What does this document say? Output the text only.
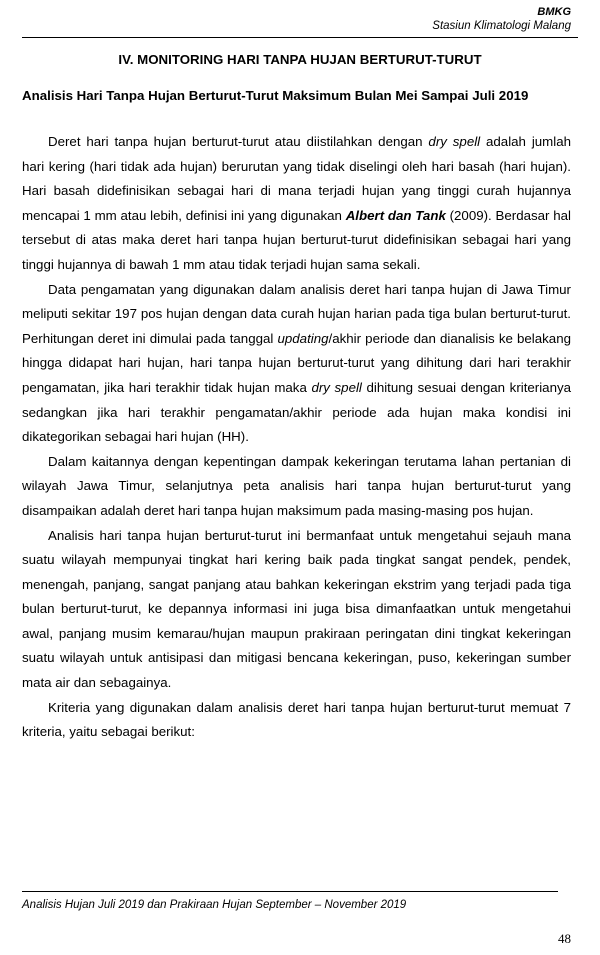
BMKG
Stasiun Klimatologi Malang
IV. MONITORING HARI TANPA HUJAN BERTURUT-TURUT
Analisis Hari Tanpa Hujan Berturut-Turut Maksimum Bulan Mei Sampai Juli 2019

Deret hari tanpa hujan berturut-turut atau diistilahkan dengan dry spell adalah jumlah hari kering (hari tidak ada hujan) berurutan yang tidak diselingi oleh hari basah (hari hujan). Hari basah didefinisikan sebagai hari di mana terjadi hujan yang tinggi curah hujannya mencapai 1 mm atau lebih, definisi ini yang digunakan Albert dan Tank (2009). Berdasar hal tersebut di atas maka deret hari tanpa hujan berturut-turut didefinisikan sebagai hari yang tinggi hujannya di bawah 1 mm atau tidak terjadi hujan sama sekali.

Data pengamatan yang digunakan dalam analisis deret hari tanpa hujan di Jawa Timur meliputi sekitar 197 pos hujan dengan data curah hujan harian pada tiga bulan berturut-turut. Perhitungan deret ini dimulai pada tanggal updating/akhir periode dan dianalisis ke belakang hingga didapat hari hujan, hari tanpa hujan berturut-turut yang dihitung dari hari terakhir pengamatan, jika hari terakhir tidak hujan maka dry spell dihitung sesuai dengan kriterianya sedangkan jika hari terakhir pengamatan/akhir periode ada hujan maka kondisi ini dikategorikan sebagai hari hujan (HH).

Dalam kaitannya dengan kepentingan dampak kekeringan terutama lahan pertanian di wilayah Jawa Timur, selanjutnya peta analisis hari tanpa hujan berturut-turut yang disampaikan adalah deret hari tanpa hujan maksimum pada masing-masing pos hujan.

Analisis hari tanpa hujan berturut-turut ini bermanfaat untuk mengetahui sejauh mana suatu wilayah mempunyai tingkat hari kering baik pada tingkat sangat pendek, pendek, menengah, panjang, sangat panjang atau bahkan kekeringan ekstrim yang terjadi pada tiga bulan berturut-turut, ke depannya informasi ini juga bisa dimanfaatkan untuk mengetahui awal, panjang musim kemarau/hujan maupun prakiraan peringatan dini tingkat kekeringan suatu wilayah untuk antisipasi dan mitigasi bencana kekeringan, puso, kekeringan sumber mata air dan sebagainya.

Kriteria yang digunakan dalam analisis deret hari tanpa hujan berturut-turut memuat 7 kriteria, yaitu sebagai berikut:

Analisis Hujan Juli 2019 dan Prakiraan Hujan September – November 2019
48
